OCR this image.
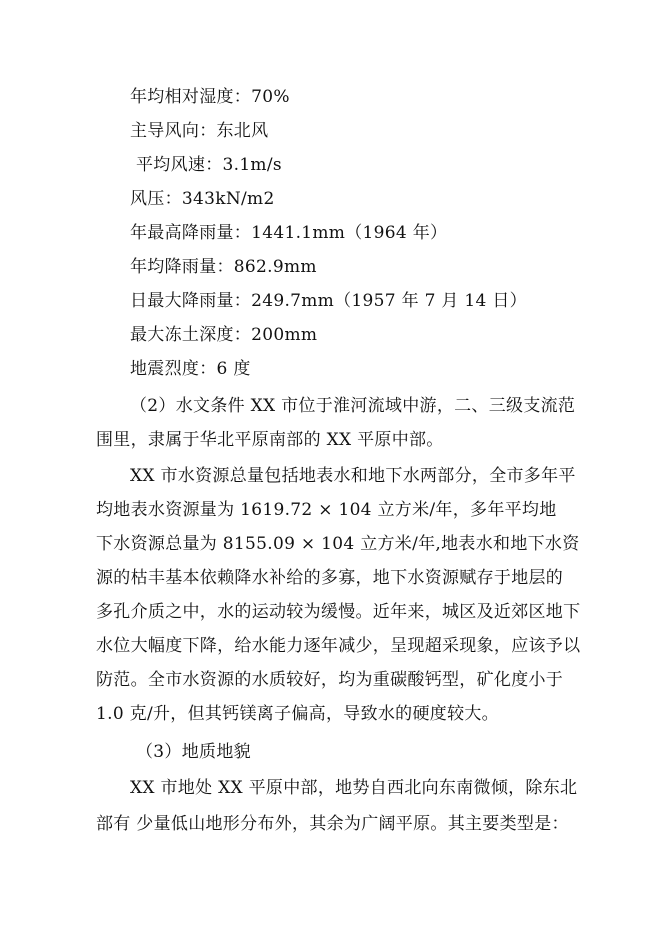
年均相对湿度：70%
主导风向：东北风
平均风速：3.1m/s
风压：343kN/m2
年最高降雨量：1441.1mm（1964 年）
年均降雨量：862.9mm
日最大降雨量：249.7mm（1957 年 7 月 14 日）
最大冻土深度：200mm
地震烈度：6 度
（2）水文条件 XX 市位于淮河流域中游，二、三级支流范
围里，隶属于华北平原南部的 XX 平原中部。
XX 市水资源总量包括地表水和地下水两部分，全市多年平
均地表水资源量为 1619.72 × 104 立方米/年，多年平均地
下水资源总量为 8155.09 × 104 立方米/年,地表水和地下水资
源的枯丰基本依赖降水补给的多寡，地下水资源赋存于地层的
多孔介质之中，水的运动较为缓慢。近年来，城区及近郊区地下
水位大幅度下降，给水能力逐年减少，呈现超采现象，应该予以
防范。全市水资源的水质较好，均为重碳酸钙型，矿化度小于
1.0 克/升，但其钙镁离子偏高，导致水的硬度较大。
（3）地质地貌
XX 市地处 XX 平原中部，地势自西北向东南微倾，除东北
部有 少量低山地形分布外，其余为广阔平原。其主要类型是：
